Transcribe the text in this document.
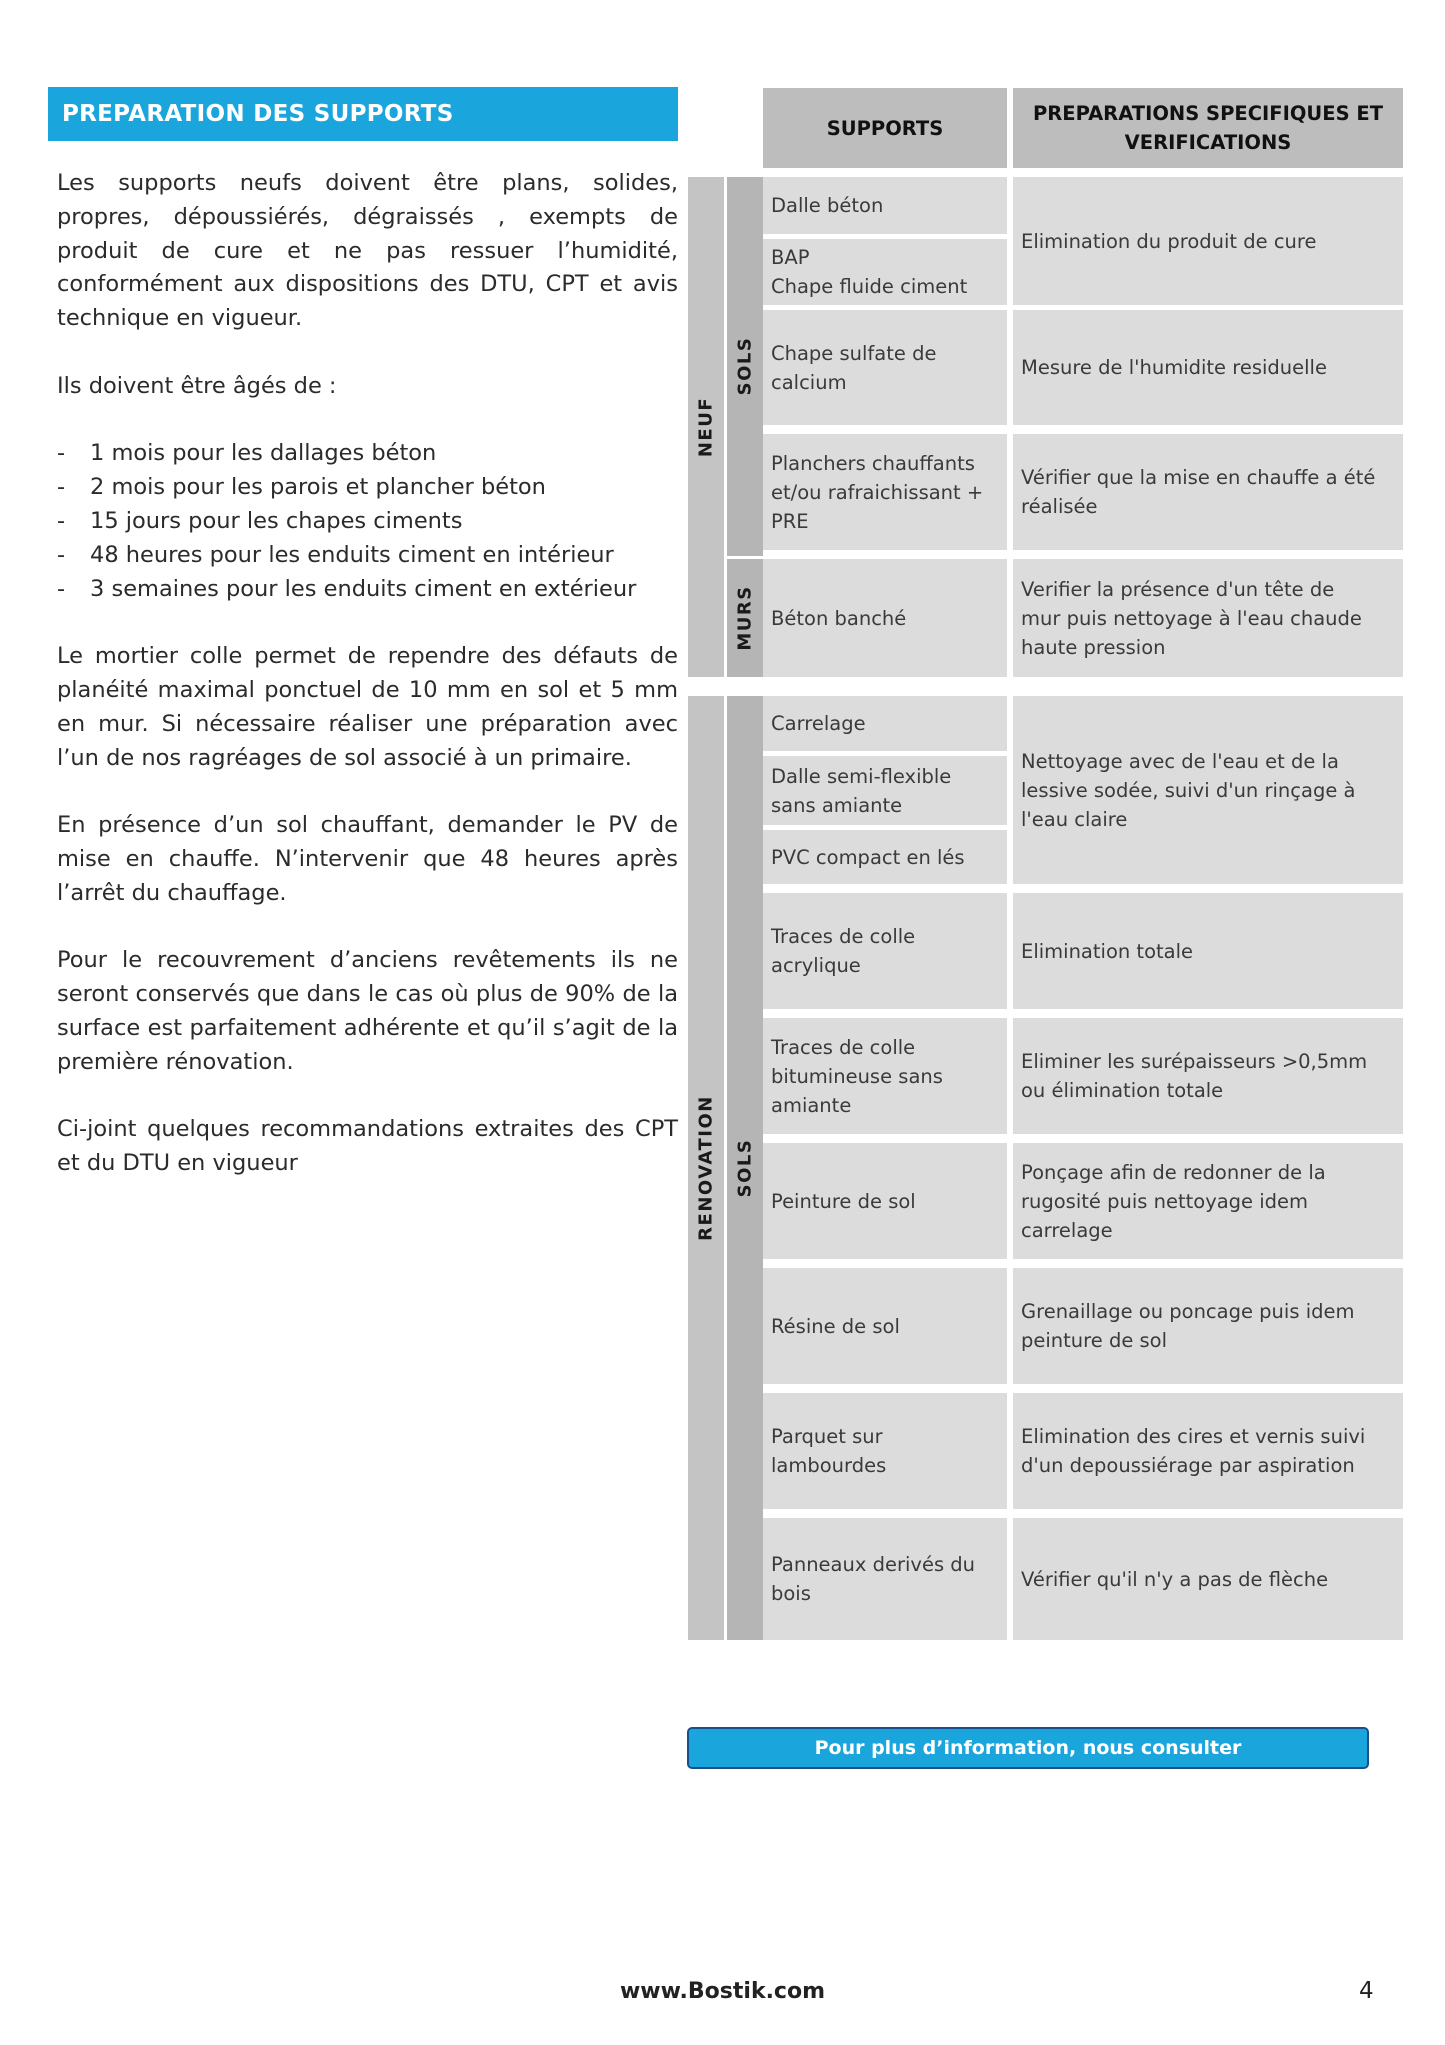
PREPARATION DES SUPPORTS

Les supports neufs doivent être plans, solides, propres, dépoussiérés, dégraissés , exempts de produit de cure et ne pas ressuer l’humidité, conformément aux dispositions des DTU, CPT et avis technique en vigueur.

Ils doivent être âgés de :

- 1 mois pour les dallages béton
- 2 mois pour les parois et plancher béton
- 15 jours pour les chapes ciments
- 48 heures pour les enduits ciment en intérieur
- 3 semaines pour les enduits ciment en extérieur

Le mortier colle permet de rependre des défauts de planéité maximal ponctuel de 10 mm en sol et 5 mm en mur. Si nécessaire réaliser une préparation avec l’un de nos ragréages de sol associé à un primaire.

En présence d’un sol chauffant, demander le PV de mise en chauffe. N’intervenir que 48 heures après l’arrêt du chauffage.

Pour le recouvrement d’anciens revêtements ils ne seront conservés que dans le cas où plus de 90% de la surface est parfaitement adhérente et qu’il s’agit de la première rénovation.

Ci-joint quelques recommandations extraites des CPT et du DTU en vigueur

SUPPORTS
PREPARATIONS SPECIFIQUES ET VERIFICATIONS
NEUF
SOLS
MURS
RENOVATION SOLS
Dalle béton
BAP
Chape fluide ciment
Chape sulfate de
calcium
Planchers chauffants
et/ou rafraichissant +
PRE
Béton banché
Carrelage
Dalle semi-flexible
sans amiante
PVC compact en lés
Traces de colle
acrylique
Traces de colle
bitumineuse sans
amiante
Peinture de sol
Résine de sol
Parquet sur
lambourdes
Panneaux derivés du
bois
Elimination du produit de cure
Mesure de l'humidite residuelle
Vérifier que la mise en chauffe a été
réalisée
Verifier la présence d'un tête de
mur puis nettoyage à l'eau chaude
haute pression
Nettoyage avec de l'eau et de la
lessive sodée, suivi d'un rinçage à
l'eau claire
Elimination totale
Eliminer les surépaisseurs >0,5mm
ou élimination totale
Ponçage afin de redonner de la
rugosité puis nettoyage idem
carrelage
Grenaillage ou poncage puis idem
peinture de sol
Elimination des cires et vernis suivi
d'un depoussiérage par aspiration
Vérifier qu'il n'y a pas de flèche
Pour plus d’information, nous consulter
www.Bostik.com	4
